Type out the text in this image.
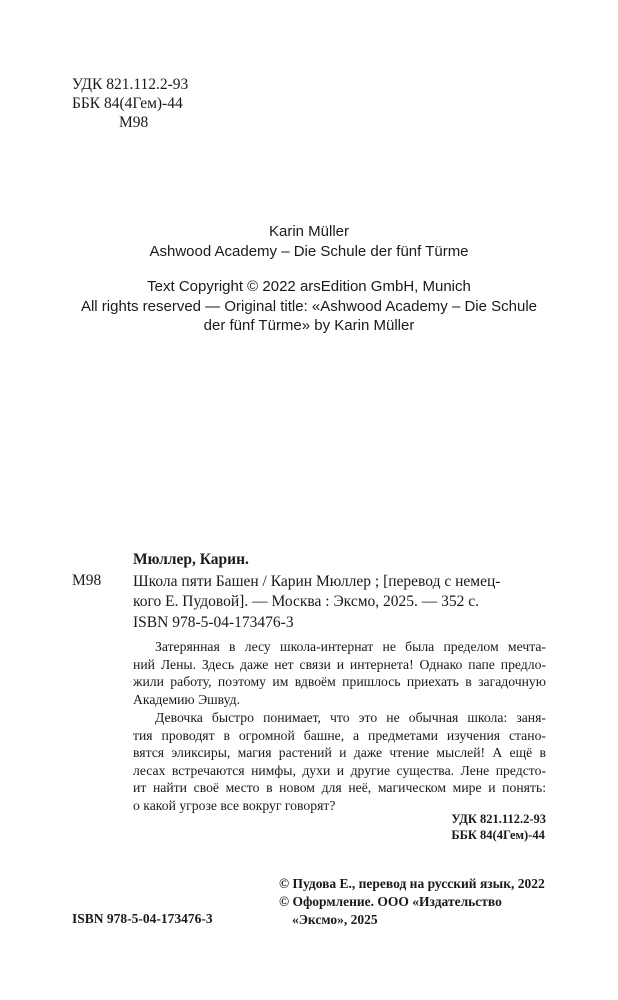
УДК 821.112.2-93
ББК 84(4Гем)-44
М98
Karin Müller
Ashwood Academy – Die Schule der fünf Türme
Text Copyright © 2022 arsEdition GmbH, Munich
All rights reserved — Original title: «Ashwood Academy – Die Schule
der fünf Türme» by Karin Müller
Мюллер, Карин.
М98 Школа пяти Башен / Карин Мюллер ; [перевод с немец-
кого Е. Пудовой]. — Москва : Эксмо, 2025. — 352 с.
ISBN 978-5-04-173476-3
Затерянная в лесу школа-интернат не была пределом мечта-
ний Лены. Здесь даже нет связи и интернета! Однако папе предло-
жили работу, поэтому им вдвоём пришлось приехать в загадочную
Академию Эшвуд.
Девочка быстро понимает, что это не обычная школа: заня-
тия проводят в огромной башне, а предметами изучения стано-
вятся эликсиры, магия растений и даже чтение мыслей! А ещё в
лесах встречаются нимфы, духи и другие существа. Лене предсто-
ит найти своё место в новом для неё, магическом мире и понять:
о какой угрозе все вокруг говорят?
УДК 821.112.2-93
ББК 84(4Гем)-44
© Пудова Е., перевод на русский язык, 2022
© Оформление. ООО «Издательство
«Эксмо», 2025
ISBN 978-5-04-173476-3
